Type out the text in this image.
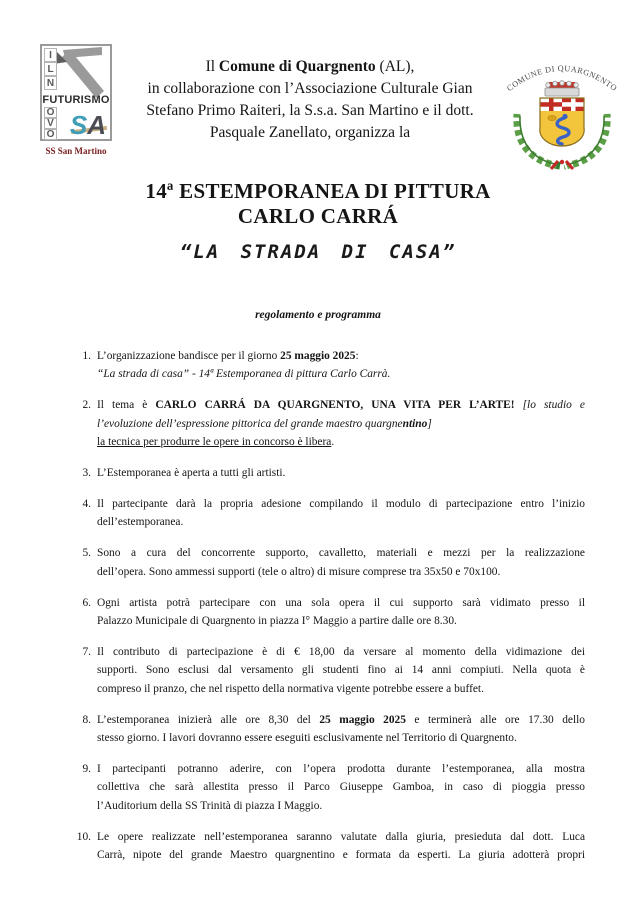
I
L
N
O
V
O
FUTURISMO
SA
SS San Martino
Il Comune di Quargnento (AL),
in collaborazione con l’Associazione Culturale Gian
Stefano Primo Raiteri, la S.s.a. San Martino e il dott.
Pasquale Zanellato, organizza la
COMUNE DI QUARGNENTO
14ª ESTEMPORANEA DI PITTURA
CARLO CARRÁ
“LA STRADA DI CASA”
regolamento e programma
1. L’organizzazione bandisce per il giorno 25 maggio 2025:
“La strada di casa” - 14ª Estemporanea di pittura Carlo Carrà.
2. Il tema è CARLO CARRÁ DA QUARGNENTO, UNA VITA PER L’ARTE! [lo studio e
l’evoluzione dell’espressione pittorica del grande maestro quargnentino]
la tecnica per produrre le opere in concorso è libera.
3. L’Estemporanea è aperta a tutti gli artisti.
4. Il partecipante darà la propria adesione compilando il modulo di partecipazione entro l’inizio
dell’estemporanea.
5. Sono a cura del concorrente supporto, cavalletto, materiali e mezzi per la realizzazione
dell’opera. Sono ammessi supporti (tele o altro) di misure comprese tra 35x50 e 70x100.
6. Ogni artista potrà partecipare con una sola opera il cui supporto sarà vidimato presso il
Palazzo Municipale di Quargnento in piazza I° Maggio a partire dalle ore 8.30.
7. Il contributo di partecipazione è di € 18,00 da versare al momento della vidimazione dei
supporti. Sono esclusi dal versamento gli studenti fino ai 14 anni compiuti. Nella quota è
compreso il pranzo, che nel rispetto della normativa vigente potrebbe essere a buffet.
8. L’estemporanea inizierà alle ore 8,30 del 25 maggio 2025 e terminerà alle ore 17.30 dello
stesso giorno. I lavori dovranno essere eseguiti esclusivamente nel Territorio di Quargnento.
9. I partecipanti potranno aderire, con l’opera prodotta durante l’estemporanea, alla mostra
collettiva che sarà allestita presso il Parco Giuseppe Gamboa, in caso di pioggia presso
l’Auditorium della SS Trinità di piazza I Maggio.
10. Le opere realizzate nell’estemporanea saranno valutate dalla giuria, presieduta dal dott. Luca
Carrà, nipote del grande Maestro quargnentino e formata da esperti. La giuria adotterà propri
